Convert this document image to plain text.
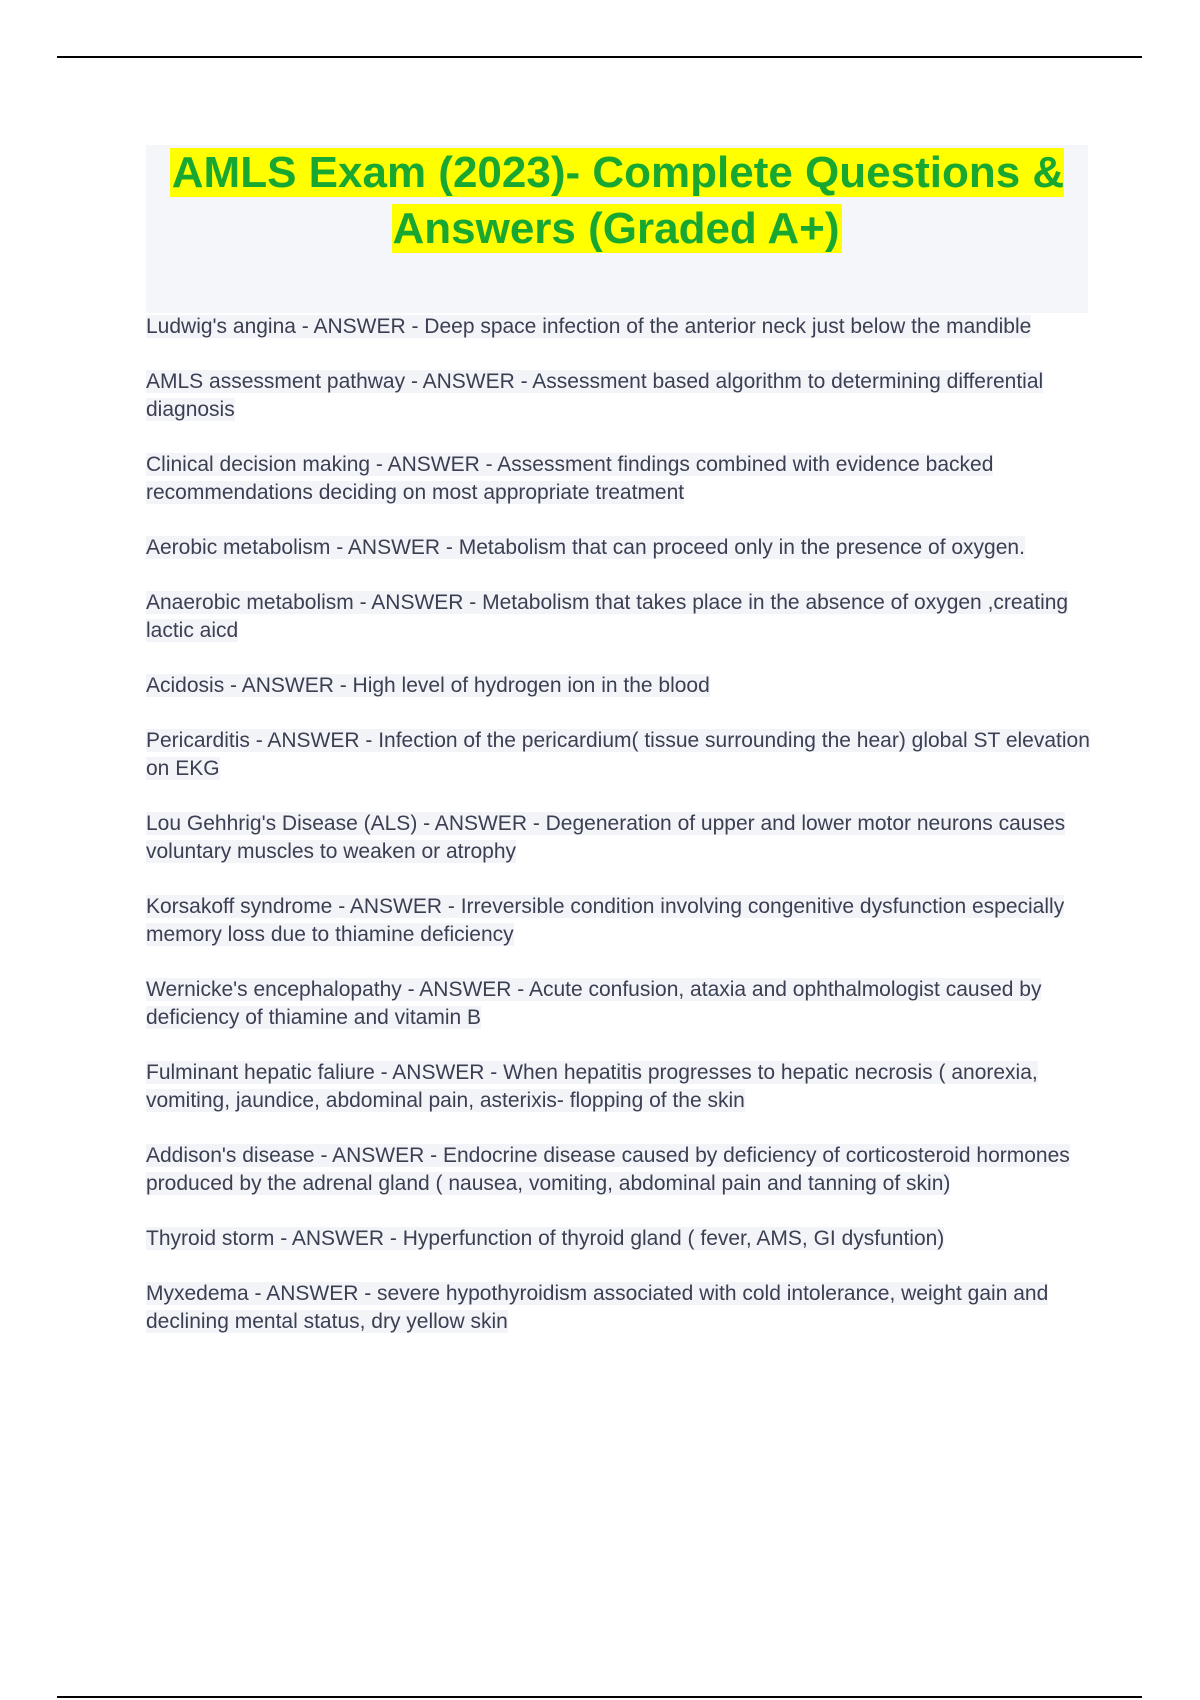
AMLS Exam (2023)- Complete Questions & Answers (Graded A+)
Ludwig's angina - ANSWER - Deep space infection of the anterior neck just below the mandible
AMLS assessment pathway - ANSWER - Assessment based algorithm to determining differential diagnosis
Clinical decision making - ANSWER - Assessment findings combined with evidence backed recommendations deciding on most appropriate treatment
Aerobic metabolism - ANSWER - Metabolism that can proceed only in the presence of oxygen.
Anaerobic metabolism - ANSWER - Metabolism that takes place in the absence of oxygen ,creating lactic aicd
Acidosis - ANSWER - High level of hydrogen ion in the blood
Pericarditis - ANSWER - Infection of the pericardium( tissue surrounding the hear) global ST elevation on EKG
Lou Gehhrig's Disease (ALS) - ANSWER - Degeneration of upper and lower motor neurons causes voluntary muscles to weaken or atrophy
Korsakoff syndrome - ANSWER - Irreversible condition involving congenitive dysfunction especially memory loss due to thiamine deficiency
Wernicke's encephalopathy - ANSWER - Acute confusion, ataxia and ophthalmologist caused by deficiency of thiamine and vitamin B
Fulminant hepatic faliure - ANSWER - When hepatitis progresses to hepatic necrosis ( anorexia, vomiting, jaundice, abdominal pain, asterixis- flopping of the skin
Addison's disease - ANSWER - Endocrine disease caused by deficiency of corticosteroid hormones produced by the adrenal gland ( nausea, vomiting, abdominal pain and tanning of skin)
Thyroid storm - ANSWER - Hyperfunction of thyroid gland ( fever, AMS, GI dysfuntion)
Myxedema - ANSWER - severe hypothyroidism associated with cold intolerance, weight gain and declining mental status, dry yellow skin
